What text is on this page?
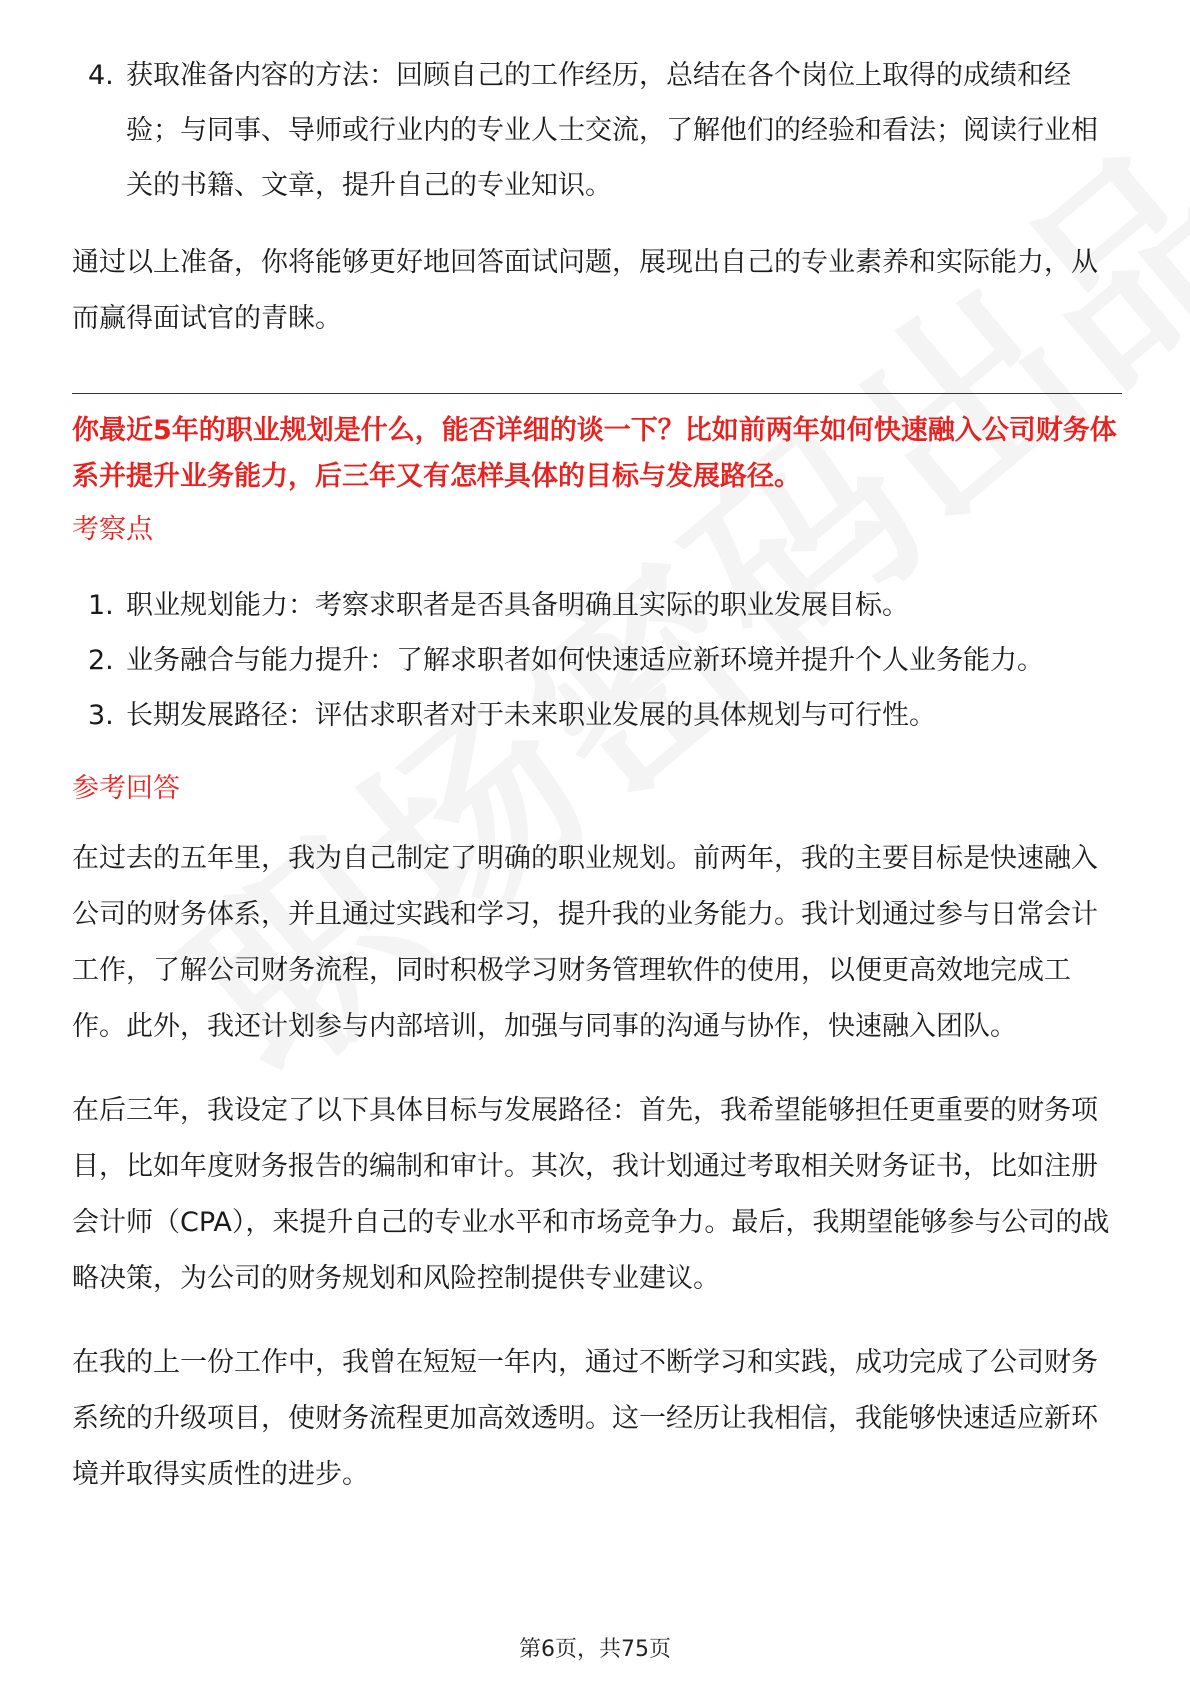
4. 获取准备内容的方法：回顾自己的工作经历，总结在各个岗位上取得的成绩和经验；与同事、导师或行业内的专业人士交流，了解他们的经验和看法；阅读行业相关的书籍、文章，提升自己的专业知识。

通过以上准备，你将能够更好地回答面试问题，展现出自己的专业素养和实际能力，从而赢得面试官的青睐。

你最近5年的职业规划是什么，能否详细的谈一下？比如前两年如何快速融入公司财务体系并提升业务能力，后三年又有怎样具体的目标与发展路径。

考察点

1. 职业规划能力：考察求职者是否具备明确且实际的职业发展目标。
2. 业务融合与能力提升：了解求职者如何快速适应新环境并提升个人业务能力。
3. 长期发展路径：评估求职者对于未来职业发展的具体规划与可行性。

参考回答

在过去的五年里，我为自己制定了明确的职业规划。前两年，我的主要目标是快速融入公司的财务体系，并且通过实践和学习，提升我的业务能力。我计划通过参与日常会计工作，了解公司财务流程，同时积极学习财务管理软件的使用，以便更高效地完成工作。此外，我还计划参与内部培训，加强与同事的沟通与协作，快速融入团队。

在后三年，我设定了以下具体目标与发展路径：首先，我希望能够担任更重要的财务项目，比如年度财务报告的编制和审计。其次，我计划通过考取相关财务证书，比如注册会计师（CPA），来提升自己的专业水平和市场竞争力。最后，我期望能够参与公司的战略决策，为公司的财务规划和风险控制提供专业建议。

在我的上一份工作中，我曾在短短一年内，通过不断学习和实践，成功完成了公司财务系统的升级项目，使财务流程更加高效透明。这一经历让我相信，我能够快速适应新环境并取得实质性的进步。

第6页，共75页
